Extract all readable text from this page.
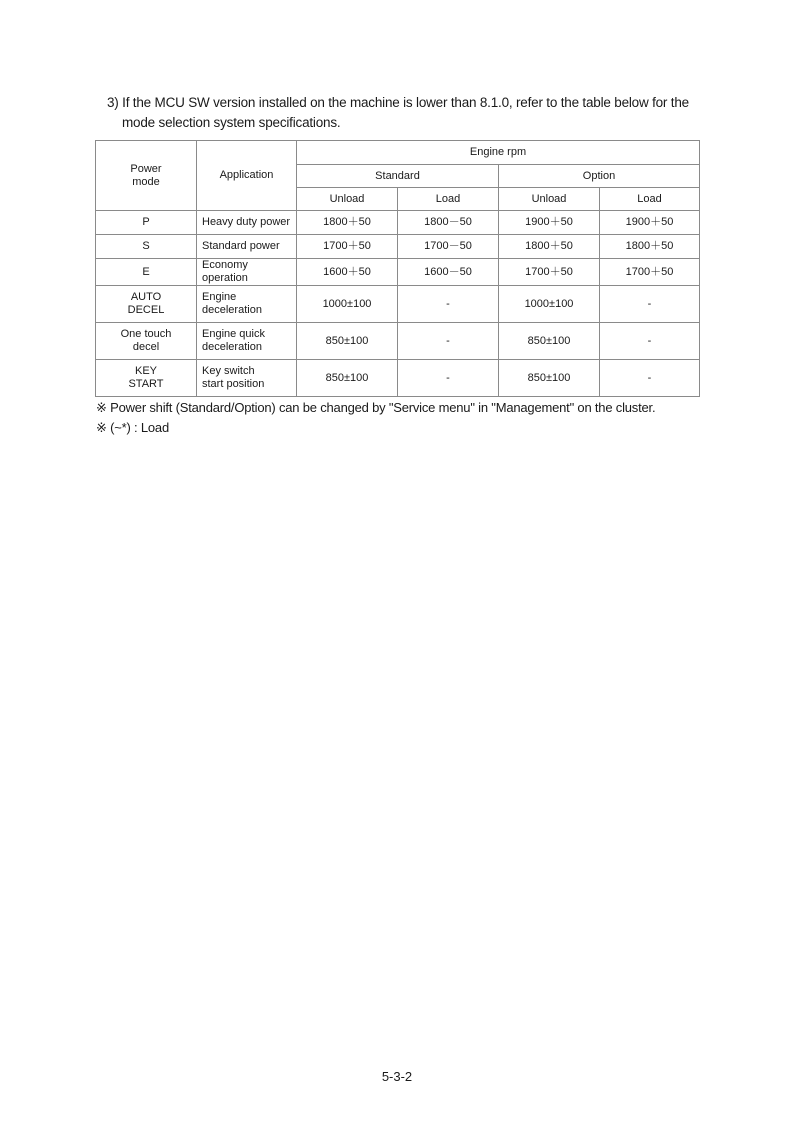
3) If the MCU SW version installed on the machine is lower than 8.1.0, refer to the table below for the
mode selection system specifications.
Power
mode	Application	Engine rpm			
		Standard		Option	
		Unload	Load	Unload	Load
P	Heavy duty power	1800＋50	1800－50	1900＋50	1900＋50
S	Standard power	1700＋50	1700－50	1800＋50	1800＋50
E	Economy operation	1600＋50	1600－50	1700＋50	1700＋50
AUTO
DECEL	Engine
deceleration	1000±100	-	1000±100	-
One touch
decel	Engine quick
deceleration	850±100	-	850±100	-
KEY
START	Key switch
start position	850±100	-	850±100	-
※ Power shift (Standard/Option) can be changed by "Service menu" in "Management" on the cluster.
※ (~*) : Load
5-3-2
